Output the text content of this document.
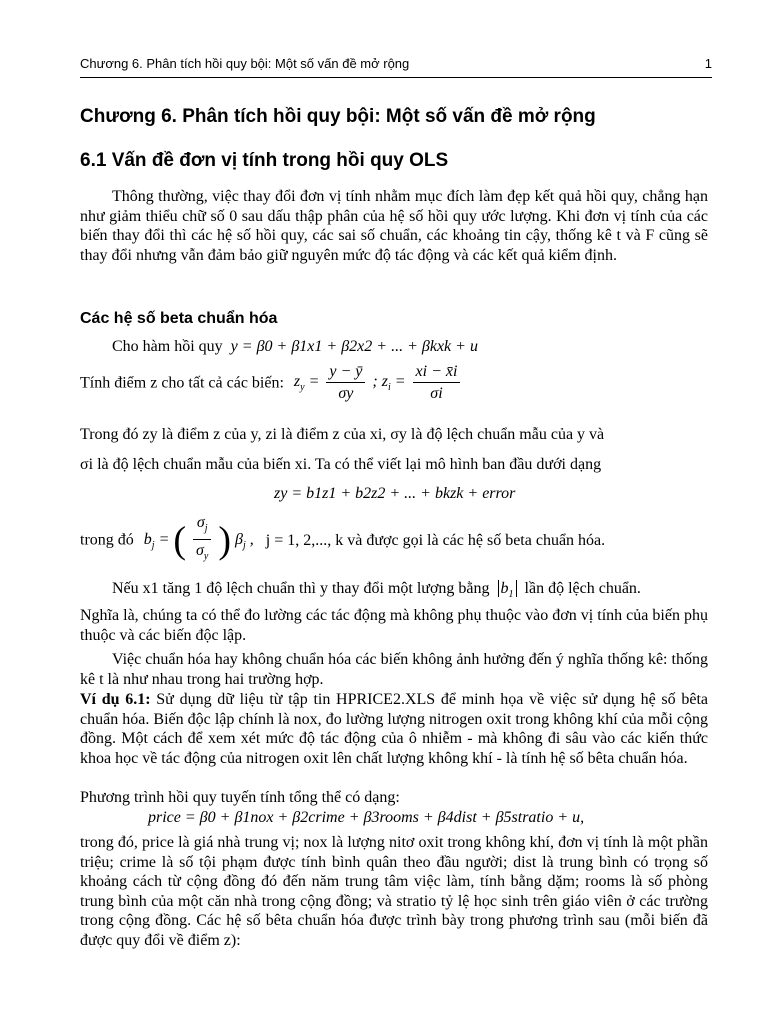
Chương 6. Phân tích hồi quy bội: Một số vấn đề mở rộng	1
Chương 6. Phân tích hồi quy bội: Một số vấn đề mở rộng
6.1 Vấn đề đơn vị tính trong hồi quy OLS

Thông thường, việc thay đổi đơn vị tính nhằm mục đích làm đẹp kết quả hồi quy, chẳng hạn như giảm thiểu chữ số 0 sau dấu thập phân của hệ số hồi quy ước lượng. Khi đơn vị tính của các biến thay đổi thì các hệ số hồi quy, các sai số chuẩn, các khoảng tin cậy, thống kê t và F cũng sẽ thay đổi nhưng vẫn đảm bảo giữ nguyên mức độ tác động và các kết quả kiểm định.

Các hệ số beta chuẩn hóa
Cho hàm hồi quy y = β0 + β1x1 + β2x2 + ... + βkxk + u
Tính điểm z cho tất cả các biến: $z_y = \frac{y - ȳ}{\sigma y}$ ; $z_i = \frac{xi - x̄i}{\sigma i}$
Trong đó zy là điểm z của y, zi là điểm z của xi, σy là độ lệch chuẩn mẫu của y và
σi là độ lệch chuẩn mẫu của biến xi. Ta có thể viết lại mô hình ban đầu dưới dạng
zy = b1z1 + b2z2 + ... + bkzk + error
trong đó $b_j$ = ( $\frac{\sigma_j}{\sigma_y}$ ) $\beta_j$ , j = 1, 2,..., k và được gọi là các hệ số beta chuẩn hóa.
Nếu x1 tăng 1 độ lệch chuẩn thì y thay đổi một lượng bằng $b_1$ lần độ lệch chuẩn.

Nghĩa là, chúng ta có thể đo lường các tác động mà không phụ thuộc vào đơn vị tính của biến phụ thuộc và các biến độc lập.

Việc chuẩn hóa hay không chuẩn hóa các biến không ảnh hưởng đến ý nghĩa thống kê: thống kê t là như nhau trong hai trường hợp.

Ví dụ 6.1: Sử dụng dữ liệu từ tập tin HPRICE2.XLS để minh họa về việc sử dụng hệ số bêta chuẩn hóa. Biến độc lập chính là nox, đo lường lượng nitrogen oxit trong không khí của mỗi cộng đồng. Một cách để xem xét mức độ tác động của ô nhiễm - mà không đi sâu vào các kiến thức khoa học về tác động của nitrogen oxit lên chất lượng không khí - là tính hệ số bêta chuẩn hóa.

Phương trình hồi quy tuyến tính tổng thể có dạng:
price = β0 + β1nox + β2crime + β3rooms + β4dist + β5stratio + u,

trong đó, price là giá nhà trung vị; nox là lượng nitơ oxit trong không khí, đơn vị tính là một phần triệu; crime là số tội phạm được tính bình quân theo đầu người; dist là trung bình có trọng số khoảng cách từ cộng đồng đó đến năm trung tâm việc làm, tính bằng dặm; rooms là số phòng trung bình của một căn nhà trong cộng đồng; và stratio tỷ lệ học sinh trên giáo viên ở các trường trong cộng đồng. Các hệ số bêta chuẩn hóa được trình bày trong phương trình sau (mỗi biến đã được quy đổi về điểm z):
